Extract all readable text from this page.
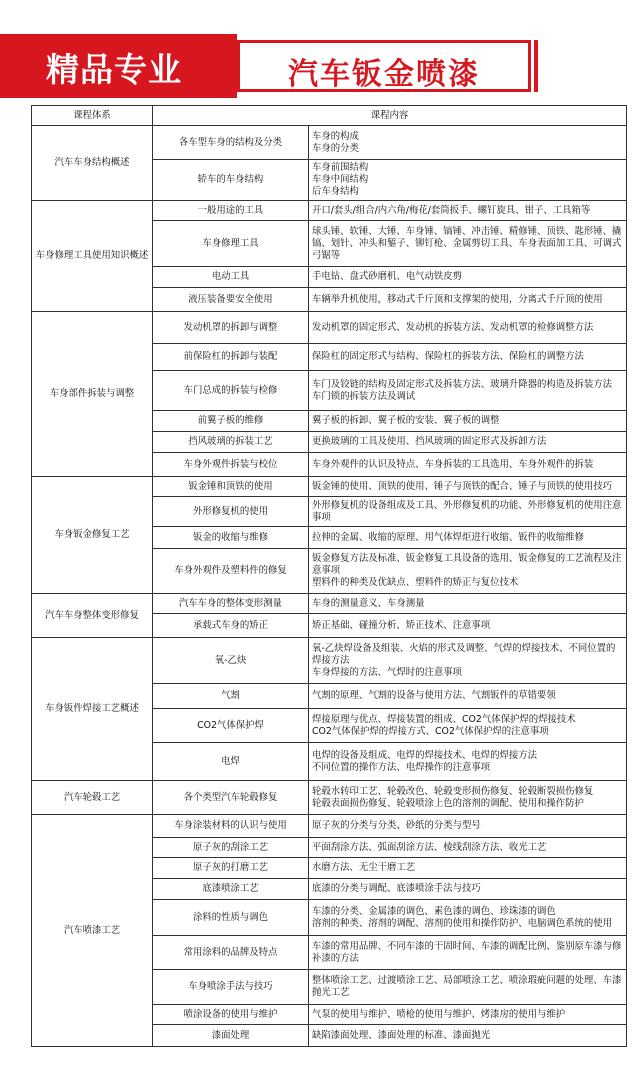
精品专业	汽车钣金喷漆
课程体系	课程内容	
汽车车身结构概述	各车型车身的结构及分类	车身的构成
车身的分类

	轿车的车身结构	车身前围结构
车身中间结构
后车身结构

车身修理工具使用知识概述	一般用途的工具	开口/套头/组合/内六角/梅花/套筒扳手、螺钉旋具、钳子、工具箱等

	车身修理工具	球头锤、软锤、大锤、车身锤、镐锤、冲击锤、精修锤、顶铁、匙形锤、撬镐、划针、冲头和錾子、铆钉枪、金属剪切工具、车身表面加工具、可调式弓锯等

	电动工具	手电钻、盘式砂磨机、电气动铁皮剪

	液压装备要安全使用	车辆举升机使用，移动式千斤顶和支撑架的使用，分离式千斤顶的使用

车身部件拆装与调整	发动机罩的拆卸与调整	发动机罩的固定形式、发动机的拆装方法、发动机罩的检修调整方法

	前保险杠的拆卸与装配	保险杠的固定形式与结构、保险杠的拆装方法、保险杠的调整方法

	车门总成的拆装与检修	车门及铰链的结构及固定形式及拆装方法、玻璃升降器的构造及拆装方法
车门锁的拆装方法及调试

	前翼子板的维修	翼子板的拆卸、翼子板的安装、翼子板的调整

	挡风玻璃的拆装工艺	更换玻璃的工具及使用、挡风玻璃的固定形式及拆卸方法

	车身外观件拆装与校位	车身外观件的认识及特点、车身拆装的工具选用、车身外观件的拆装

车身钣金修复工艺	钣金锤和顶铁的使用	钣金锤的使用、顶铁的使用、锤子与顶铁的配合、锤子与顶铁的使用技巧

	外形修复机的使用	外形修复机的设备组成及工具、外形修复机的功能、外形修复机的使用注意事项

	钣金的收缩与维修	拉伸的金属、收缩的原理、用气体焊炬进行收缩、钣件的收缩维修

	车身外观件及塑料件的修复	钣金修复方法及标准、钣金修复工具设备的选用、钣金修复的工艺流程及注意事项
塑料件的种类及优缺点、塑料件的矫正与复位技术

汽车车身整体变形修复	汽车车身的整体变形测量	车身的测量意义、车身测量

	承载式车身的矫正	矫正基础、碰撞分析、矫正技术、注意事项

车身钣件焊接工艺概述	氧-乙炔	氧-乙炔焊设备及组装、火焰的形式及调整、气焊的焊接技术、不同位置的焊接方法
车身焊接的方法、气焊时的注意事项

	气割	气割的原理、气割的设备与使用方法、气割钣件的草错要领

	CO2气体保护焊	焊接原理与优点、焊接装置的组成、CO2气体保护焊的焊接技术
CO2气体保护焊的焊接方式、CO2气体保护焊的注意事项

	电焊	电焊的设备及组成、电焊的焊接技术、电焊的焊接方法
不同位置的操作方法、电焊操作的注意事项

汽车轮毂工艺	各个类型汽车轮毂修复	轮毂水转印工艺、轮毂改色、轮毂变形损伤修复、轮毂断裂损伤修复
轮毂表面损伤修复、轮毂喷涂上色的溶剂的调配、使用和操作防护

汽车喷漆工艺	车身涂装材料的认识与使用	原子灰的分类与分类、砂纸的分类与型号

	原子灰的刮涂工艺	平面刮涂方法、弧面刮涂方法、棱线刮涂方法、收光工艺

	原子灰的打磨工艺	水磨方法、无尘干磨工艺

	底漆喷涂工艺	底漆的分类与调配、底漆喷涂手法与技巧

	涂料的性质与调色	车漆的分类、金属漆的调色、素色漆的调色、珍珠漆的调色
溶剂的种类、溶剂的调配、溶剂的使用和操作防护、电脑调色系统的使用

	常用涂料的品牌及特点	车漆的常用品牌、不同车漆的干固时间、车漆的调配比例、鉴别原车漆与修补漆的方法

	车身喷涂手法与技巧	整体喷涂工艺、过渡喷涂工艺、局部喷涂工艺、喷涂瑕疵问题的处理、车漆抛光工艺

	喷涂设备的使用与维护	气泵的使用与维护、喷枪的使用与维护、烤漆房的使用与维护

	漆面处理	缺陷漆面处理、漆面处理的标准、漆面抛光
